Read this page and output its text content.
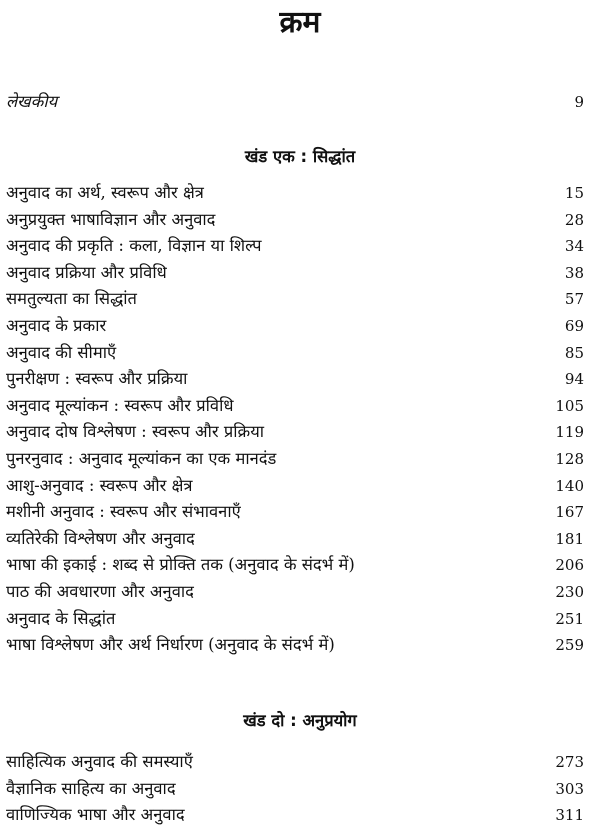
क्रम
लेखकीय	9
खंड एक : सिद्धांत
अनुवाद का अर्थ, स्वरूप और क्षेत्र	15
अनुप्रयुक्त भाषाविज्ञान और अनुवाद	28
अनुवाद की प्रकृति : कला, विज्ञान या शिल्प	34
अनुवाद प्रक्रिया और प्रविधि	38
समतुल्यता का सिद्धांत	57
अनुवाद के प्रकार	69
अनुवाद की सीमाएँ	85
पुनरीक्षण : स्वरूप और प्रक्रिया	94
अनुवाद मूल्यांकन : स्वरूप और प्रविधि	105
अनुवाद दोष विश्लेषण : स्वरूप और प्रक्रिया	119
पुनरनुवाद : अनुवाद मूल्यांकन का एक मानदंड	128
आशु-अनुवाद : स्वरूप और क्षेत्र	140
मशीनी अनुवाद : स्वरूप और संभावनाएँ	167
व्यतिरेकी विश्लेषण और अनुवाद	181
भाषा की इकाई : शब्द से प्रोक्ति तक (अनुवाद के संदर्भ में)	206
पाठ की अवधारणा और अनुवाद	230
अनुवाद के सिद्धांत	251
भाषा विश्लेषण और अर्थ निर्धारण (अनुवाद के संदर्भ में)	259
खंड दो : अनुप्रयोग
साहित्यिक अनुवाद की समस्याएँ	273
वैज्ञानिक साहित्य का अनुवाद	303
वाणिज्यिक भाषा और अनुवाद	311
